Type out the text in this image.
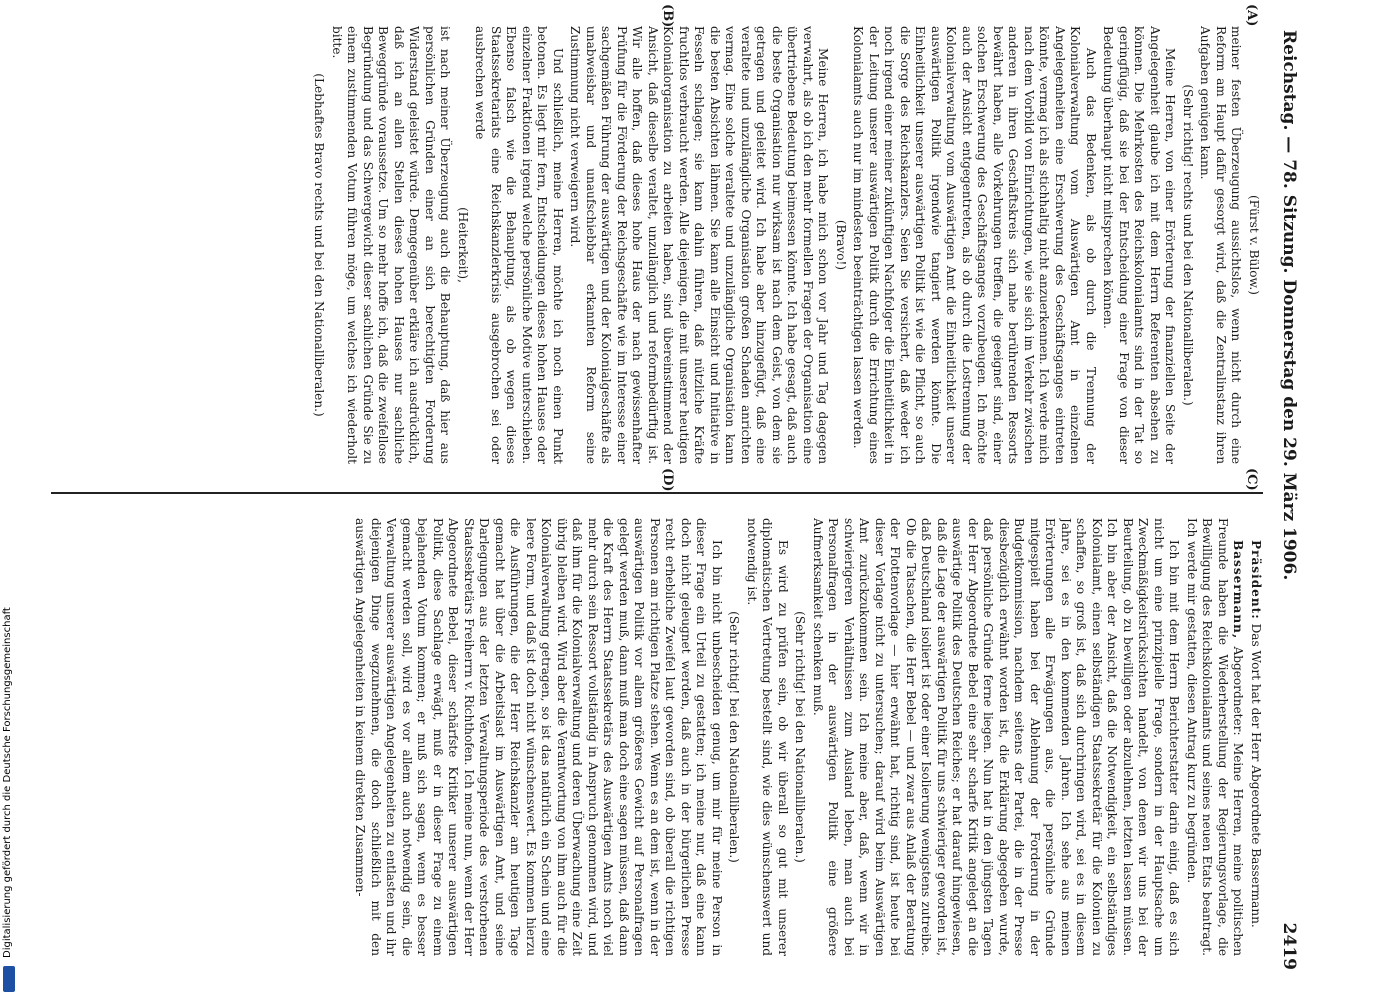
Reichstag. — 78. Sitzung. Donnerstag den 29. März 1906.
2419
(A)
(B)
(C)
(D)

(Fürst v. Bülow.)

meiner festen Überzeugung aussichtslos, wenn nicht durch eine Reform am Haupt dafür gesorgt wird, daß die Zentralinstanz ihren Aufgaben genügen kann.

(Sehr richtig! rechts und bei den Nationalliberalen.)

Meine Herren, von einer Erörterung der finanziellen Seite der Angelegenheit glaube ich mit dem Herrn Referenten absehen zu können. Die Mehrkosten des Reichskolonialamts sind in der Tat so geringfügig, daß sie bei der Entscheidung einer Frage von dieser Bedeutung überhaupt nicht mitsprechen können.

Auch das Bedenken, als ob durch die Trennung der Kolonialverwaltung vom Auswärtigen Amt in einzelnen Angelegenheiten eine Erschwerung des Geschäftsganges eintreten könnte, vermag ich als stichhaltig nicht anzuerkennen. Ich werde mich nach dem Vorbild von Einrichtungen, wie sie sich im Verkehr zwischen anderen in ihren Geschäftskreis sich nahe berührenden Ressorts bewährt haben, alle Vorkehrungen treffen, die geeignet sind, einer solchen Erschwerung des Geschäftsganges vorzubeugen. Ich möchte auch der Ansicht entgegentreten, als ob durch die Lostrennung der Kolonialverwaltung vom Auswärtigen Amt die Einheitlichkeit unserer auswärtigen Politik irgendwie tangiert werden könnte. Die Einheitlichkeit unserer auswärtigen Politik ist wie die Pflicht, so auch die Sorge des Reichskanzlers. Seien Sie versichert, daß weder ich noch irgend einer meiner zukünftigen Nachfolger die Einheitlichkeit in der Leitung unserer auswärtigen Politik durch die Errichtung eines Kolonialamts auch nur im mindesten beeinträchtigen lassen werden.

(Bravo!)

Meine Herren, ich habe mich schon vor Jahr und Tag dagegen verwahrt, als ob ich den mehr formellen Fragen der Organisation eine übertriebene Bedeutung beimessen könnte. Ich habe gesagt, daß auch die beste Organisation nur wirksam ist nach dem Geist, von dem sie getragen und geleitet wird. Ich habe aber hinzugefügt, daß eine veraltete und unzulängliche Organisation großen Schaden anrichten vermag. Eine solche veraltete und unzulängliche Organisation kann die besten Absichten lähmen. Sie kann alle Einsicht und Initiative in Fesseln schlagen; sie kann dahin führen, daß nützliche Kräfte fruchtlos verbraucht werden. Alle diejenigen, die mit unserer heutigen Kolonialorganisation zu arbeiten haben, sind übereinstimmend der Ansicht, daß dieselbe veraltet, unzulänglich und reformbedürftig ist. Wir alle hoffen, daß dieses hohe Haus der nach gewissenhafter Prüfung für die Förderung der Reichsgeschäfte wie im Interesse einer sachgemäßen Führung der auswärtigen und der Kolonialgeschäfte als unabweisbar und unaufschiebbar erkannten Reform seine Zustimmung nicht verweigern wird.

Und schließlich, meine Herren, möchte ich noch einen Punkt betonen. Es liegt mir fern, Entscheidungen dieses hohen Hauses oder einzelner Fraktionen irgend welche persönliche Motive unterschieben. Ebenso falsch wie die Behauptung, als ob wegen dieses Staatssekretariats eine Reichskanzlerkrisis ausgebrochen sei oder ausbrechen werde

(Heiterkeit),

ist nach meiner Überzeugung auch die Behauptung, daß hier aus persönlichen Gründen einer an sich berechtigten Forderung Widerstand geleistet würde. Demgegenüber erkläre ich ausdrücklich, daß ich an allen Stellen dieses hohen Hauses nur sachliche Beweggründe voraussetze. Um so mehr hoffe ich, daß die zweifellose Begründung und das Schwergewicht dieser sachlichen Gründe Sie zu einem zustimmenden Votum führen möge, um welches ich wiederholt bitte.

(Lebhaftes Bravo rechts und bei den Nationalliberalen.)

Präsident: Das Wort hat der Herr Abgeordnete Bassermann.

Bassermann, Abgeordneter: Meine Herren, meine politischen Freunde haben die Wiederherstellung der Regierungsvorlage, die Bewilligung des Reichskolonialamts und seines neuen Etats beantragt. Ich werde mir gestatten, diesen Antrag kurz zu begründen.

Ich bin mit dem Herrn Berichterstatter darin einig, daß es sich nicht um eine prinzipielle Frage, sondern in der Hauptsache um Zweckmäßigkeitsrücksichten handelt, von denen wir uns bei der Beurteilung, ob zu bewilligen oder abzulehnen, letzten lassen müssen. Ich bin aber der Ansicht, daß die Notwendigkeit, ein selbständiges Kolonialamt, einen selbständigen Staatssekretär für die Kolonien zu schaffen, so groß ist, daß sich durchringen wird, sei es in diesem Jahre, sei es in den kommenden Jahren. Ich sehe aus meinen Erörterungen alle Erwägungen aus, die persönliche Gründe mitgespielt haben bei der Ablehnung der Forderung in der Budgetkommission, nachdem seitens der Partei, die in der Presse diesbezüglich erwähnt worden ist, die Erklärung abgegeben wurde, daß persönliche Gründe ferne liegen. Nun hat in den jüngsten Tagen der Herr Abgeordnete Bebel eine sehr scharfe Kritik angelegt an die auswärtige Politik des Deutschen Reiches; er hat darauf hingewiesen, daß die Lage der auswärtigen Politik für uns schwieriger geworden ist, daß Deutschland isoliert ist oder einer Isolierung wenigstens zutreibe. Ob die Tatsachen, die Herr Bebel — und zwar aus Anlaß der Beratung der Flottenvorlage — hier erwähnt hat, richtig sind, ist heute bei dieser Vorlage nicht zu untersuchen; darauf wird beim Auswärtigen Amt zurückzukommen sein. Ich meine aber, daß, wenn wir in schwierigeren Verhältnissen zum Ausland leben, man auch bei Personalfragen in der auswärtigen Politik eine größere Aufmerksamkeit schenken muß.

(Sehr richtig! bei den Nationalliberalen.)

Es wird zu prüfen sein, ob wir überall so gut mit unserer diplomatischen Vertretung bestellt sind, wie dies wünschenswert und notwendig ist.

(Sehr richtig! bei den Nationalliberalen.)

Ich bin nicht unbescheiden genug, um mir für meine Person in dieser Frage ein Urteil zu gestatten; ich meine nur, daß eine kann doch nicht geleugnet werden, daß auch in der bürgerlichen Presse recht erhebliche Zweifel laut geworden sind, ob überall die richtigen Personen am richtigen Platze stehen. Wenn es an dem ist, wenn in der auswärtigen Politik vor allem größeres Gewicht auf Personalfragen gelegt werden muß, dann muß man doch eine sagen müssen, daß dann die Kraft des Herrn Staatssekretärs des Auswärtigen Amts noch viel mehr durch sein Ressort vollständig in Anspruch genommen wird, und daß ihm für die Kolonialverwaltung und deren Überwachung eine Zeit übrig bleiben wird. Wird aber die Verantwortung von ihm auch für die Kolonialverwaltung getragen, so ist das natürlich ein Schein und eine leere Form, und daß ist doch nicht wünschenswert. Es kommen hierzu die Ausführungen, die der Herr Reichskanzler am heutigen Tage gemacht hat über die Arbeitslast im Auswärtigen Amt, und seine Darlegungen aus der letzten Verwaltungsperiode des verstorbenen Staatssekretärs Freiherrn v. Richthofen. Ich meine nun, wenn der Herr Abgeordnete Bebel, dieser schärfste Kritiker unserer auswärtigen Politik, diese Sachlage erwägt, muß er in dieser Frage zu einem bejahenden Votum kommen; er muß sich sagen, wenn es besser gemacht werden soll, wird es vor allem auch notwendig sein, die Verwaltung unserer auswärtigen Angelegenheiten zu entlasten und ihr diejenigen Dinge wegzunehmen, die doch schließlich mit den auswärtigen Angelegenheiten in keinem direkten Zusammen-

Digitalisierung gefördert durch die Deutsche Forschungsgemeinschaft
